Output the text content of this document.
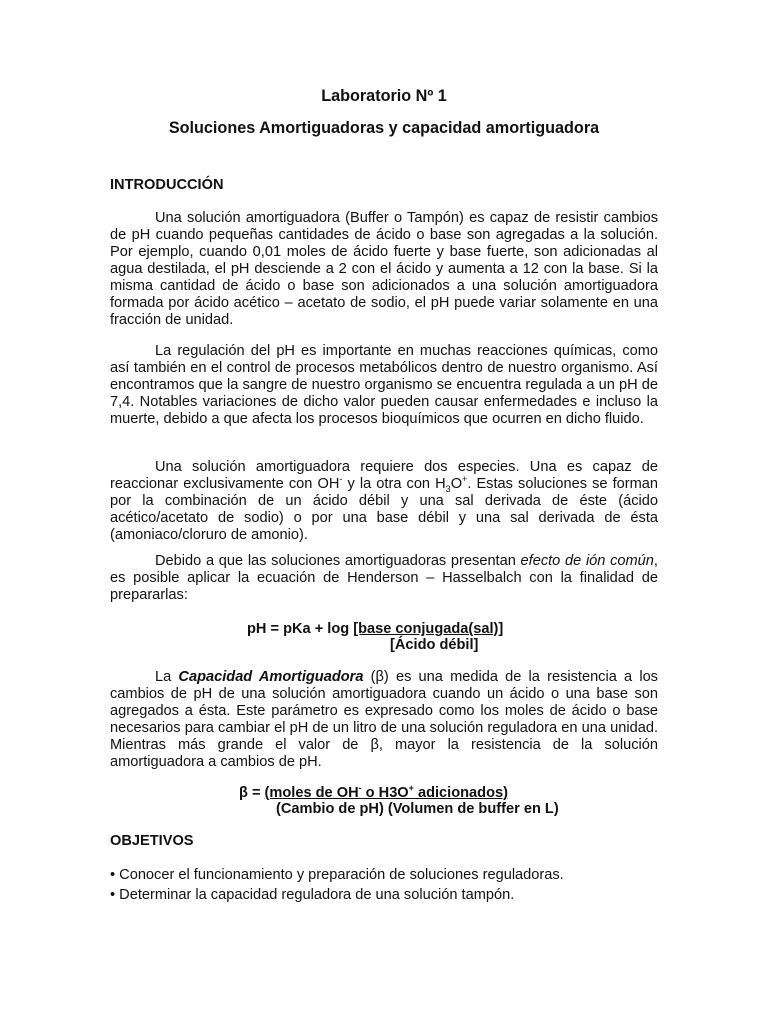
Laboratorio Nº 1
Soluciones Amortiguadoras y capacidad amortiguadora
INTRODUCCIÓN

Una solución amortiguadora (Buffer o Tampón) es capaz de resistir cambios de pH cuando pequeñas cantidades de ácido o base son agregadas a la solución. Por ejemplo, cuando 0,01 moles de ácido fuerte y base fuerte, son adicionadas al agua destilada, el pH desciende a 2 con el ácido y aumenta a 12 con la base. Si la misma cantidad de ácido o base son adicionados a una solución amortiguadora formada por ácido acético – acetato de sodio, el pH puede variar solamente en una fracción de unidad.

La regulación del pH es importante en muchas reacciones químicas, como así también en el control de procesos metabólicos dentro de nuestro organismo. Así encontramos que la sangre de nuestro organismo se encuentra regulada a un pH de 7,4. Notables variaciones de dicho valor pueden causar enfermedades e incluso la muerte, debido a que afecta los procesos bioquímicos que ocurren en dicho fluido.

Una solución amortiguadora requiere dos especies. Una es capaz de reaccionar exclusivamente con OH- y la otra con $H_3O^+$. Estas soluciones se forman por la combinación de un ácido débil y una sal derivada de éste (ácido acético/acetato de sodio) o por una base débil y una sal derivada de ésta (amoniaco/cloruro de amonio).

Debido a que las soluciones amortiguadoras presentan efecto de ión común, es posible aplicar la ecuación de Henderson – Hasselbalch con la finalidad de prepararlas:

pH = pKa + log [base conjugada(sal)]
[Ácido débil]

La Capacidad Amortiguadora (β) es una medida de la resistencia a los cambios de pH de una solución amortiguadora cuando un ácido o una base son agregados a ésta. Este parámetro es expresado como los moles de ácido o base necesarios para cambiar el pH de un litro de una solución reguladora en una unidad. Mientras más grande el valor de β, mayor la resistencia de la solución amortiguadora a cambios de pH.

β = (moles de OH- o H3O+ adicionados)
(Cambio de pH) (Volumen de buffer en L)
OBJETIVOS
• Conocer el funcionamiento y preparación de soluciones reguladoras.
• Determinar la capacidad reguladora de una solución tampón.
